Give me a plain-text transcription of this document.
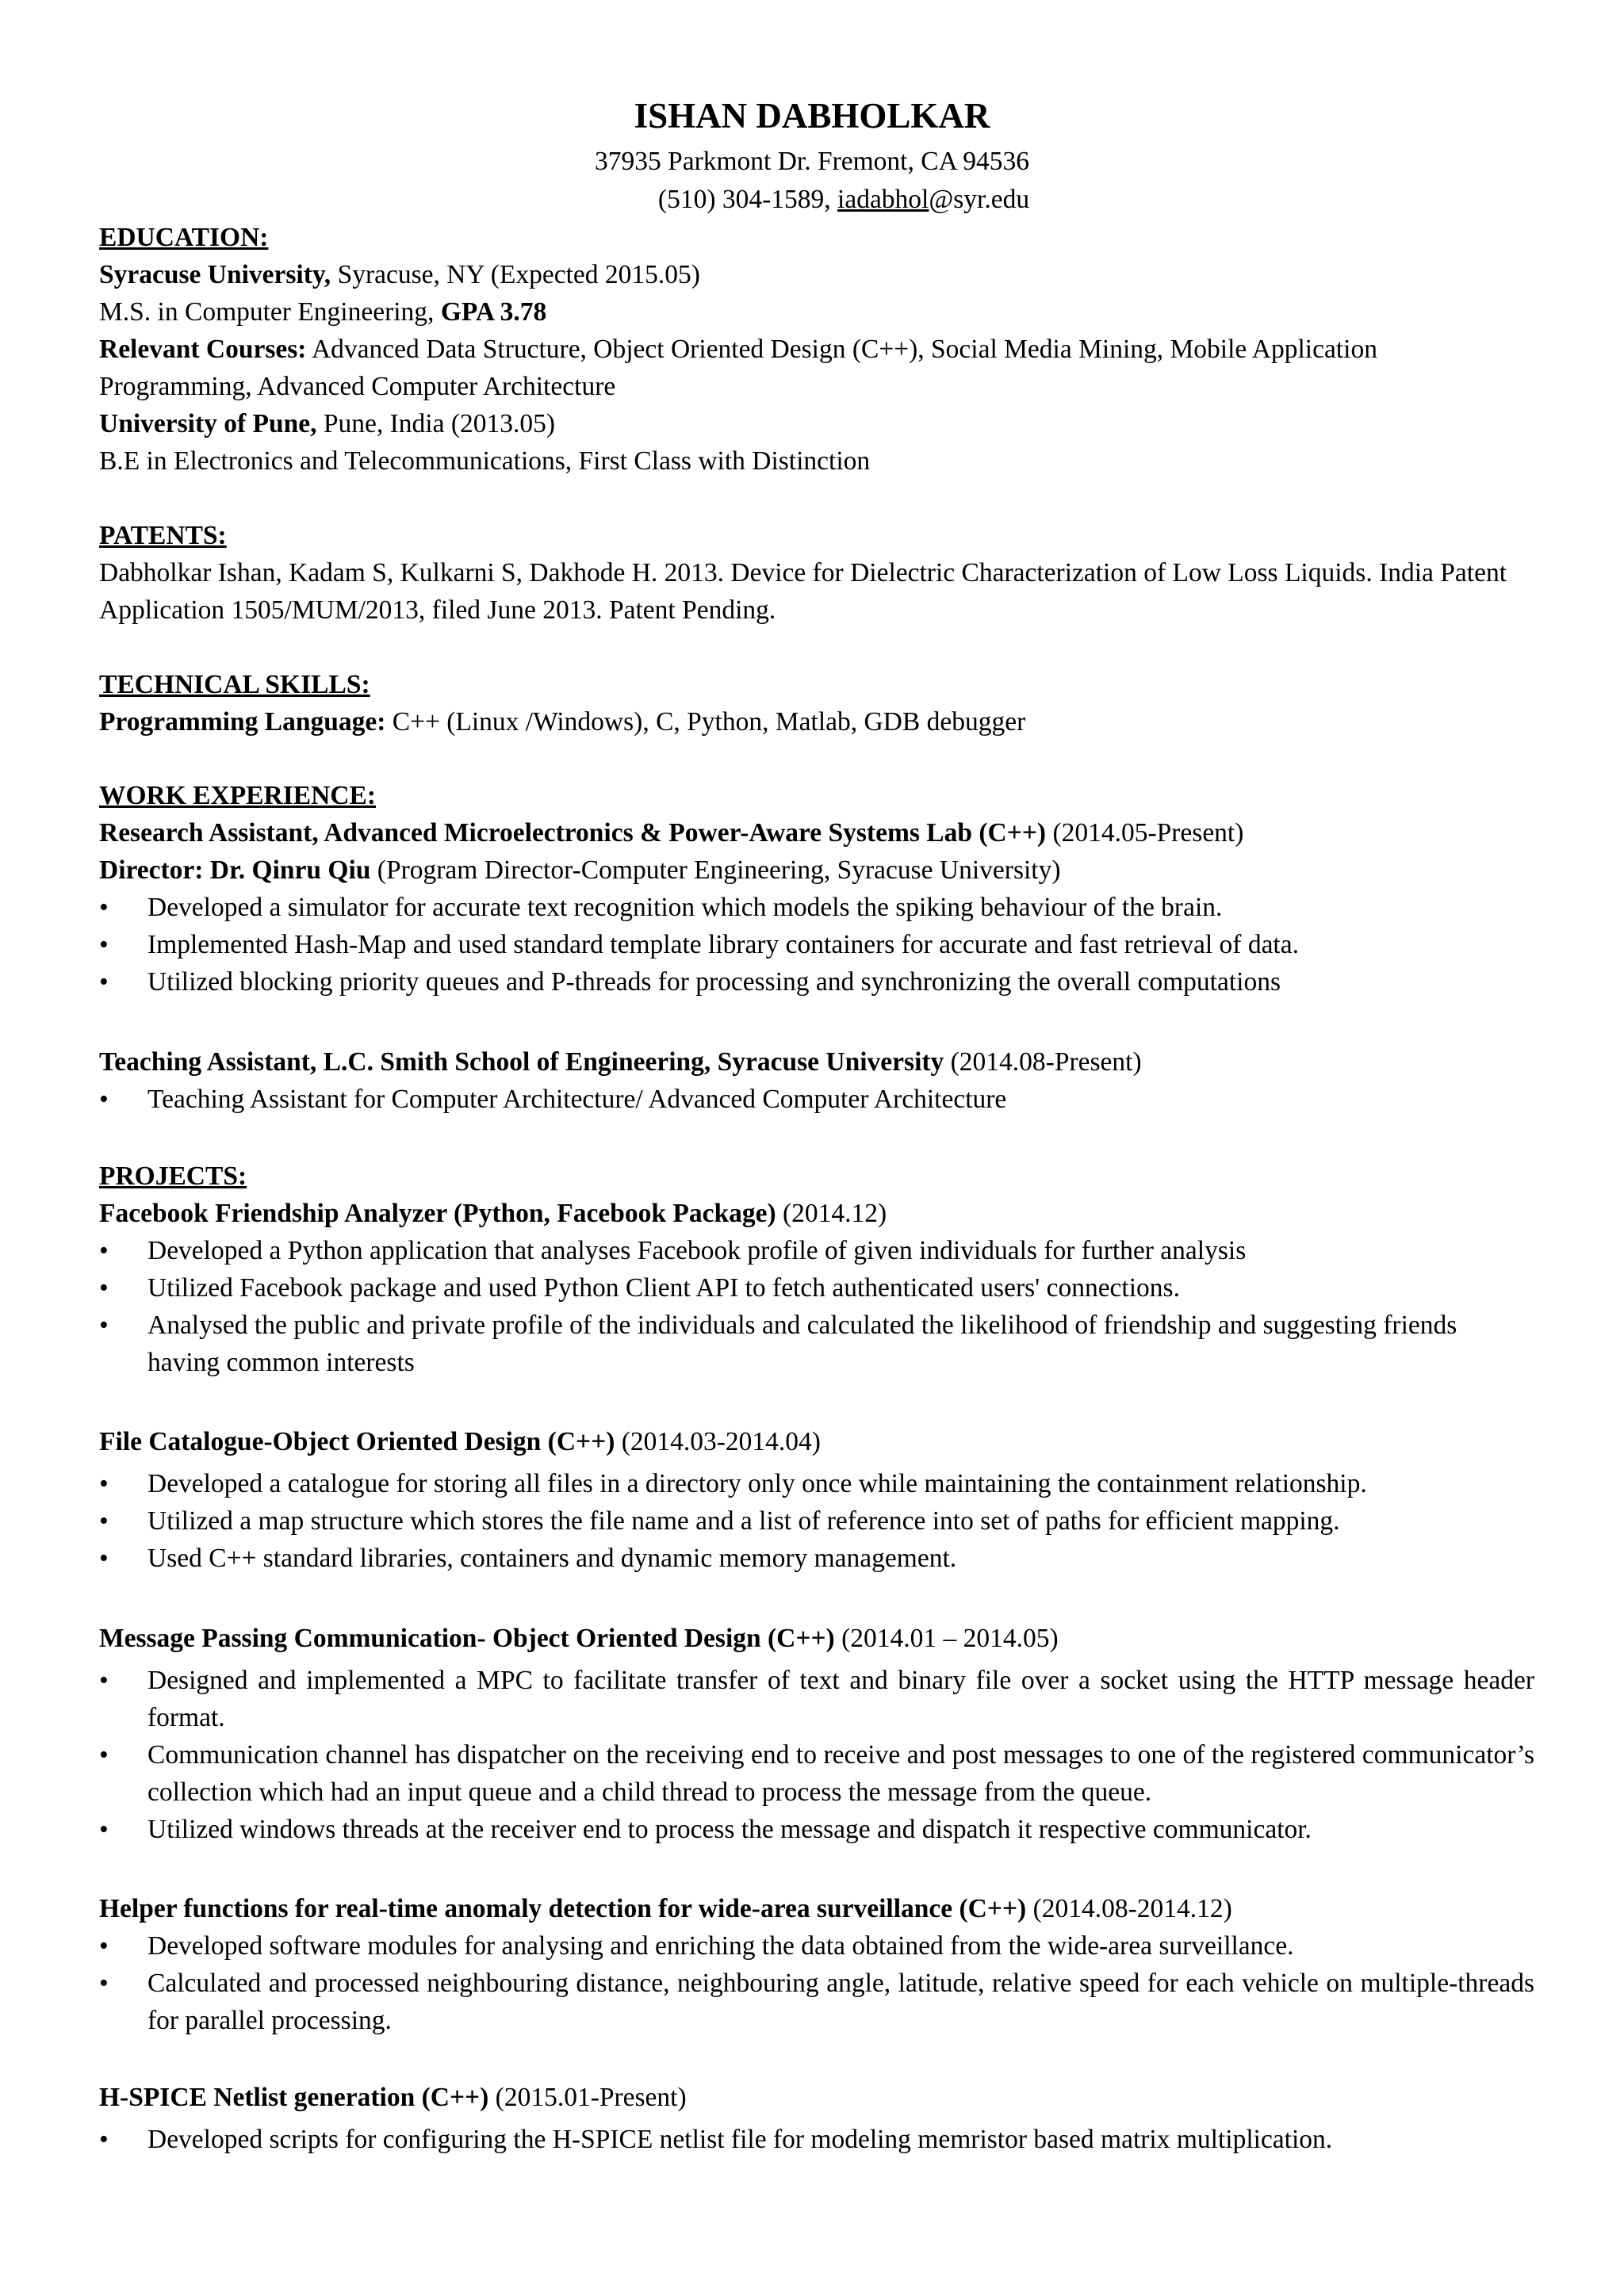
ISHAN DABHOLKAR
37935 Parkmont Dr. Fremont, CA 94536
(510) 304-1589, iadabhol@syr.edu
EDUCATION:
Syracuse University, Syracuse, NY (Expected 2015.05)
M.S. in Computer Engineering, GPA 3.78
Relevant Courses: Advanced Data Structure, Object Oriented Design (C++), Social Media Mining, Mobile Application Programming, Advanced Computer Architecture
University of Pune, Pune, India (2013.05)
B.E in Electronics and Telecommunications, First Class with Distinction
PATENTS:
Dabholkar Ishan, Kadam S, Kulkarni S, Dakhode H. 2013. Device for Dielectric Characterization of Low Loss Liquids. India Patent Application 1505/MUM/2013, filed June 2013. Patent Pending.
TECHNICAL SKILLS:
Programming Language: C++ (Linux /Windows), C, Python, Matlab, GDB debugger
WORK EXPERIENCE:
Research Assistant, Advanced Microelectronics & Power-Aware Systems Lab (C++) (2014.05-Present)
Director: Dr. Qinru Qiu (Program Director-Computer Engineering, Syracuse University)
• Developed a simulator for accurate text recognition which models the spiking behaviour of the brain.
• Implemented Hash-Map and used standard template library containers for accurate and fast retrieval of data.
• Utilized blocking priority queues and P-threads for processing and synchronizing the overall computations
Teaching Assistant, L.C. Smith School of Engineering, Syracuse University (2014.08-Present)
• Teaching Assistant for Computer Architecture/ Advanced Computer Architecture
PROJECTS:
Facebook Friendship Analyzer (Python, Facebook Package) (2014.12)
• Developed a Python application that analyses Facebook profile of given individuals for further analysis
• Utilized Facebook package and used Python Client API to fetch authenticated users' connections.
• Analysed the public and private profile of the individuals and calculated the likelihood of friendship and suggesting friends having common interests
File Catalogue-Object Oriented Design (C++) (2014.03-2014.04)
• Developed a catalogue for storing all files in a directory only once while maintaining the containment relationship.
• Utilized a map structure which stores the file name and a list of reference into set of paths for efficient mapping.
• Used C++ standard libraries, containers and dynamic memory management.
Message Passing Communication- Object Oriented Design (C++) (2014.01 – 2014.05)
• Designed and implemented a MPC to facilitate transfer of text and binary file over a socket using the HTTP message header format.
• Communication channel has dispatcher on the receiving end to receive and post messages to one of the registered communicator’s collection which had an input queue and a child thread to process the message from the queue.
• Utilized windows threads at the receiver end to process the message and dispatch it respective communicator.
Helper functions for real-time anomaly detection for wide-area surveillance (C++) (2014.08-2014.12)
• Developed software modules for analysing and enriching the data obtained from the wide-area surveillance.
• Calculated and processed neighbouring distance, neighbouring angle, latitude, relative speed for each vehicle on multiple-threads for parallel processing.
H-SPICE Netlist generation (C++) (2015.01-Present)
• Developed scripts for configuring the H-SPICE netlist file for modeling memristor based matrix multiplication.
